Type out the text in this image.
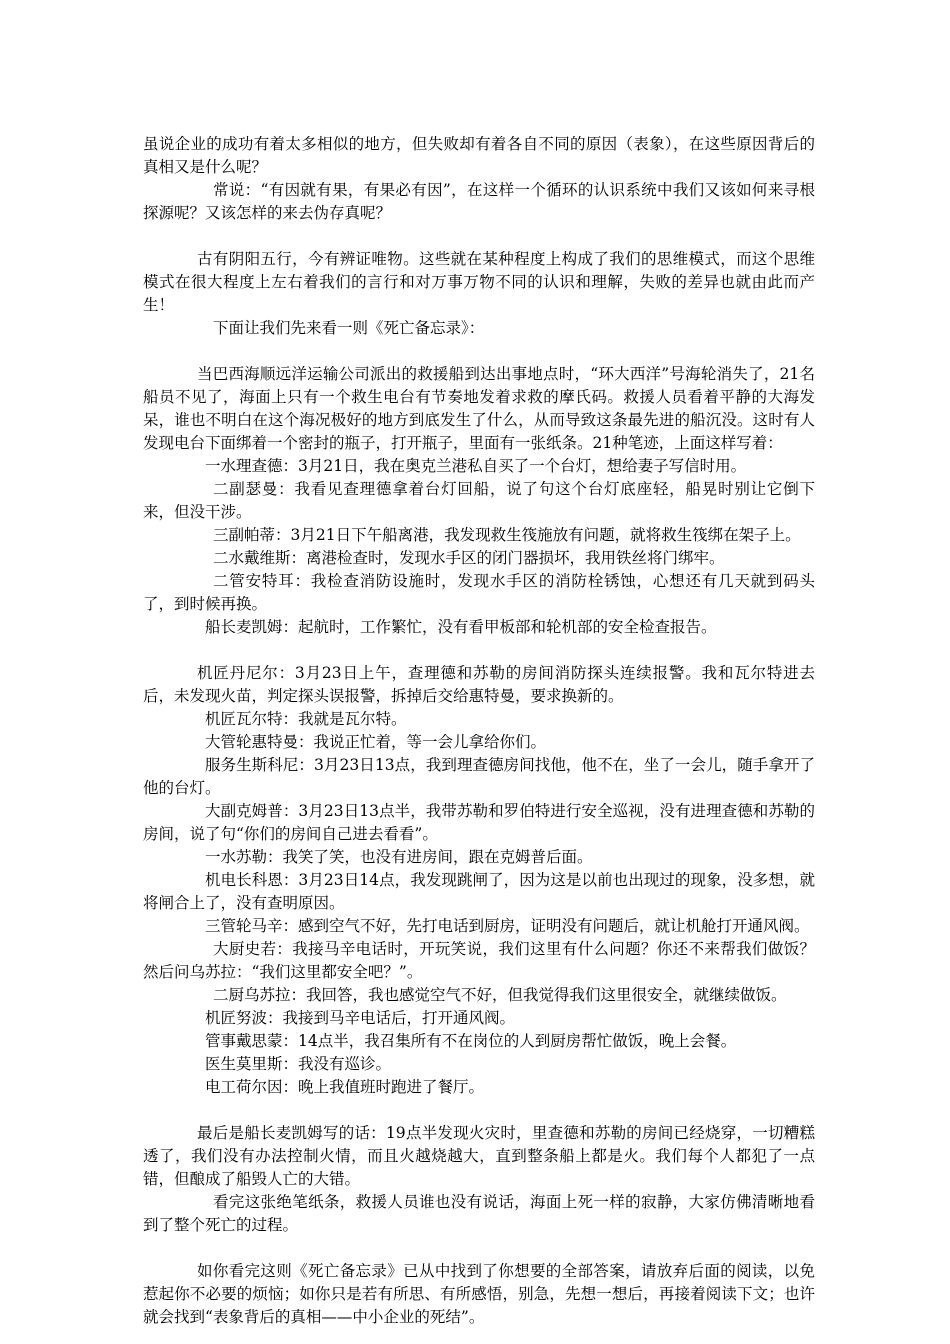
虽说企业的成功有着太多相似的地方，但失败却有着各自不同的原因（表象），在这些原因背后的真相又是什么呢？

常说：“有因就有果，有果必有因”，在这样一个循环的认识系统中我们又该如何来寻根探源呢？又该怎样的来去伪存真呢？

古有阴阳五行，今有辨证唯物。这些就在某种程度上构成了我们的思维模式，而这个思维模式在很大程度上左右着我们的言行和对万事万物不同的认识和理解，失败的差异也就由此而产生！

下面让我们先来看一则《死亡备忘录》：

当巴西海顺远洋运输公司派出的救援船到达出事地点时，“环大西洋”号海轮消失了，21名船员不见了，海面上只有一个救生电台有节奏地发着求救的摩氏码。救援人员看着平静的大海发呆，谁也不明白在这个海况极好的地方到底发生了什么，从而导致这条最先进的船沉没。这时有人发现电台下面绑着一个密封的瓶子，打开瓶子，里面有一张纸条。21种笔迹，上面这样写着：

一水理查德：3月21日，我在奥克兰港私自买了一个台灯，想给妻子写信时用。

二副瑟曼：我看见查理德拿着台灯回船，说了句这个台灯底座轻，船晃时别让它倒下来，但没干涉。

三副帕蒂：3月21日下午船离港，我发现救生筏施放有问题，就将救生筏绑在架子上。

二水戴维斯：离港检查时，发现水手区的闭门器损坏，我用铁丝将门绑牢。

二管安特耳：我检查消防设施时，发现水手区的消防栓锈蚀，心想还有几天就到码头了，到时候再换。

船长麦凯姆：起航时，工作繁忙，没有看甲板部和轮机部的安全检查报告。

机匠丹尼尔：3月23日上午，查理德和苏勒的房间消防探头连续报警。我和瓦尔特进去后，未发现火苗，判定探头误报警，拆掉后交给惠特曼，要求换新的。

机匠瓦尔特：我就是瓦尔特。

大管轮惠特曼：我说正忙着，等一会儿拿给你们。

服务生斯科尼：3月23日13点，我到理查德房间找他，他不在，坐了一会儿，随手拿开了他的台灯。

大副克姆普：3月23日13点半，我带苏勒和罗伯特进行安全巡视，没有进理查德和苏勒的房间，说了句“你们的房间自己进去看看”。

一水苏勒：我笑了笑，也没有进房间，跟在克姆普后面。

机电长科恩：3月23日14点，我发现跳闸了，因为这是以前也出现过的现象，没多想，就将闸合上了，没有查明原因。

三管轮马辛：感到空气不好，先打电话到厨房，证明没有问题后，就让机舱打开通风阀。

大厨史若：我接马辛电话时，开玩笑说，我们这里有什么问题？你还不来帮我们做饭？然后问乌苏拉：“我们这里都安全吧？”。

二厨乌苏拉：我回答，我也感觉空气不好，但我觉得我们这里很安全，就继续做饭。

机匠努波：我接到马辛电话后，打开通风阀。

管事戴思蒙：14点半，我召集所有不在岗位的人到厨房帮忙做饭，晚上会餐。

医生莫里斯：我没有巡诊。

电工荷尔因：晚上我值班时跑进了餐厅。

最后是船长麦凯姆写的话：19点半发现火灾时，里查德和苏勒的房间已经烧穿，一切糟糕透了，我们没有办法控制火情，而且火越烧越大，直到整条船上都是火。我们每个人都犯了一点错，但酿成了船毁人亡的大错。

看完这张绝笔纸条，救援人员谁也没有说话，海面上死一样的寂静，大家仿佛清晰地看到了整个死亡的过程。

如你看完这则《死亡备忘录》已从中找到了你想要的全部答案，请放弃后面的阅读，以免惹起你不必要的烦恼；如你只是若有所思、有所感悟，别急，先想一想后，再接着阅读下文；也许就会找到“表象背后的真相——中小企业的死结”。
